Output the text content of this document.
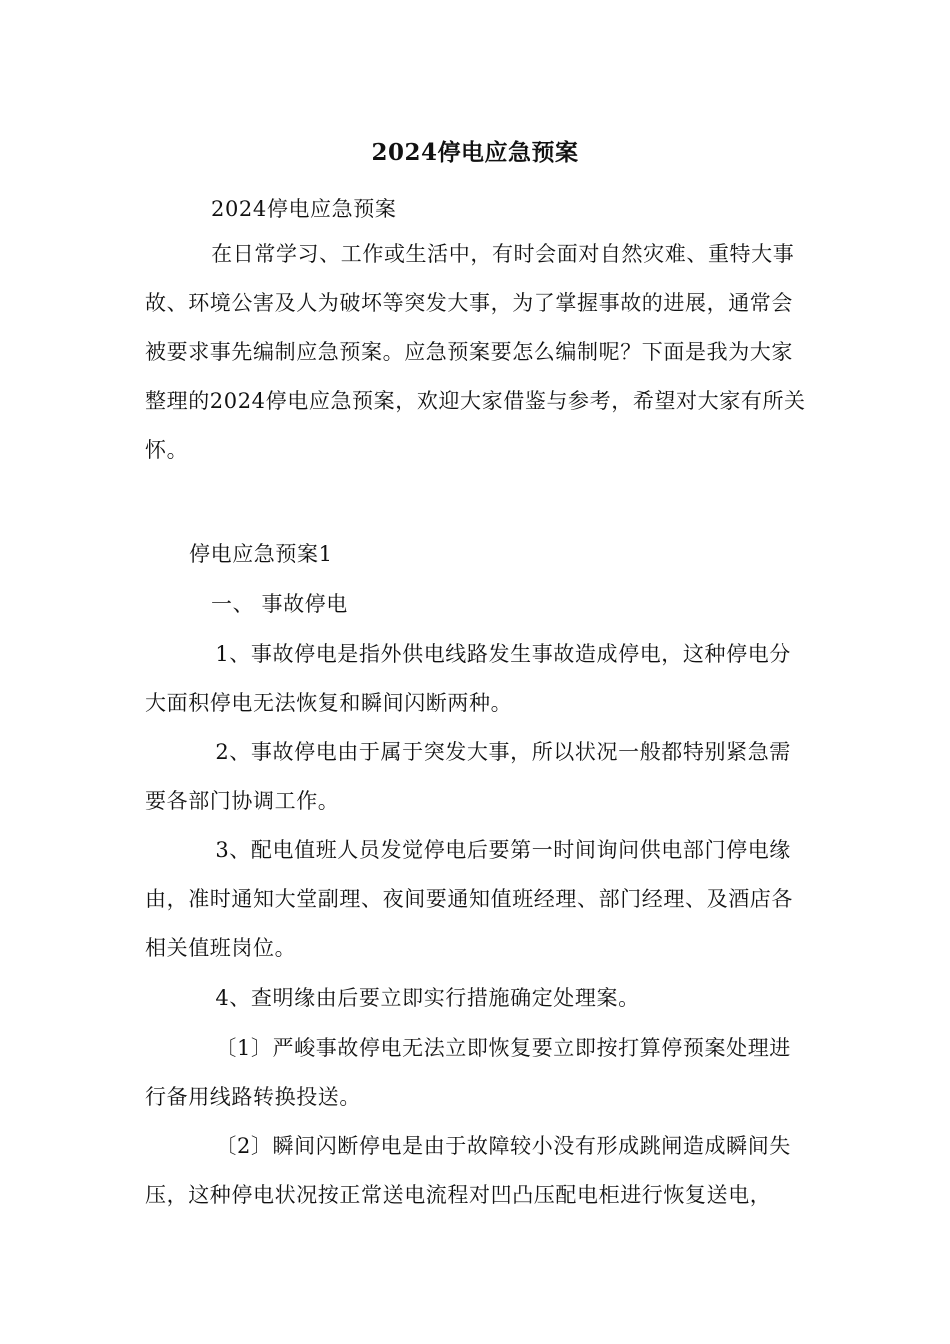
2024停电应急预案

2024停电应急预案

在日常学习、工作或生活中，有时会面对自然灾难、重特大事故、环境公害及人为破坏等突发大事，为了掌握事故的进展，通常会被要求事先编制应急预案。应急预案要怎么编制呢？下面是我为大家整理的2024停电应急预案，欢迎大家借鉴与参考，希望对大家有所关怀。

停电应急预案1

一、 事故停电

1、事故停电是指外供电线路发生事故造成停电，这种停电分大面积停电无法恢复和瞬间闪断两种。

2、事故停电由于属于突发大事，所以状况一般都特别紧急需要各部门协调工作。

3、配电值班人员发觉停电后要第一时间询问供电部门停电缘由，准时通知大堂副理、夜间要通知值班经理、部门经理、及酒店各相关值班岗位。

4、查明缘由后要立即实行措施确定处理案。

〔1〕严峻事故停电无法立即恢复要立即按打算停预案处理进行备用线路转换投送。

〔2〕瞬间闪断停电是由于故障较小没有形成跳闸造成瞬间失压，这种停电状况按正常送电流程对凹凸压配电柜进行恢复送电，
